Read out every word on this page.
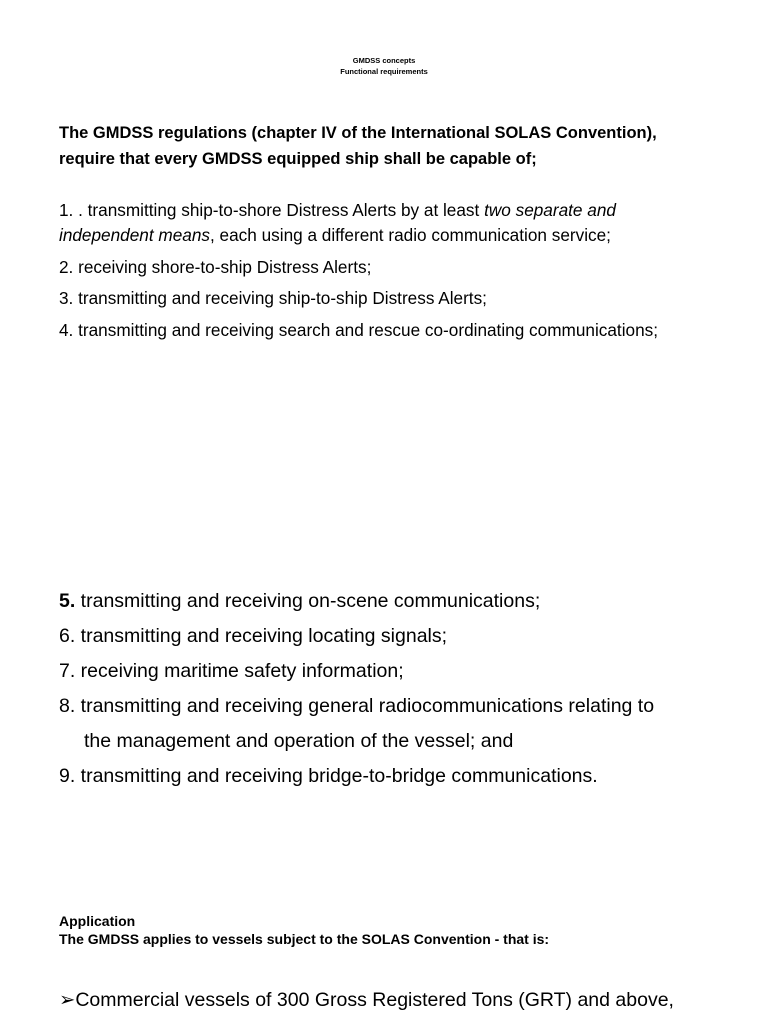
GMDSS concepts
Functional requirements
The GMDSS regulations (chapter IV of the International SOLAS Convention),
require that every GMDSS equipped ship shall be capable of;
1. . transmitting ship-to-shore Distress Alerts by at least two separate and
independent means, each using a different radio communication service;
2. receiving shore-to-ship Distress Alerts;
3. transmitting and receiving ship-to-ship Distress Alerts;
4. transmitting and receiving search and rescue co-ordinating communications;
5. transmitting and receiving on-scene communications;
6. transmitting and receiving locating signals;
7. receiving maritime safety information;
8. transmitting and receiving general radiocommunications relating to
the management and operation of the vessel; and
9. transmitting and receiving bridge-to-bridge communications.
Application
The GMDSS applies to vessels subject to the SOLAS Convention - that is:
➢Commercial vessels of 300 Gross Registered Tons (GRT) and above,
